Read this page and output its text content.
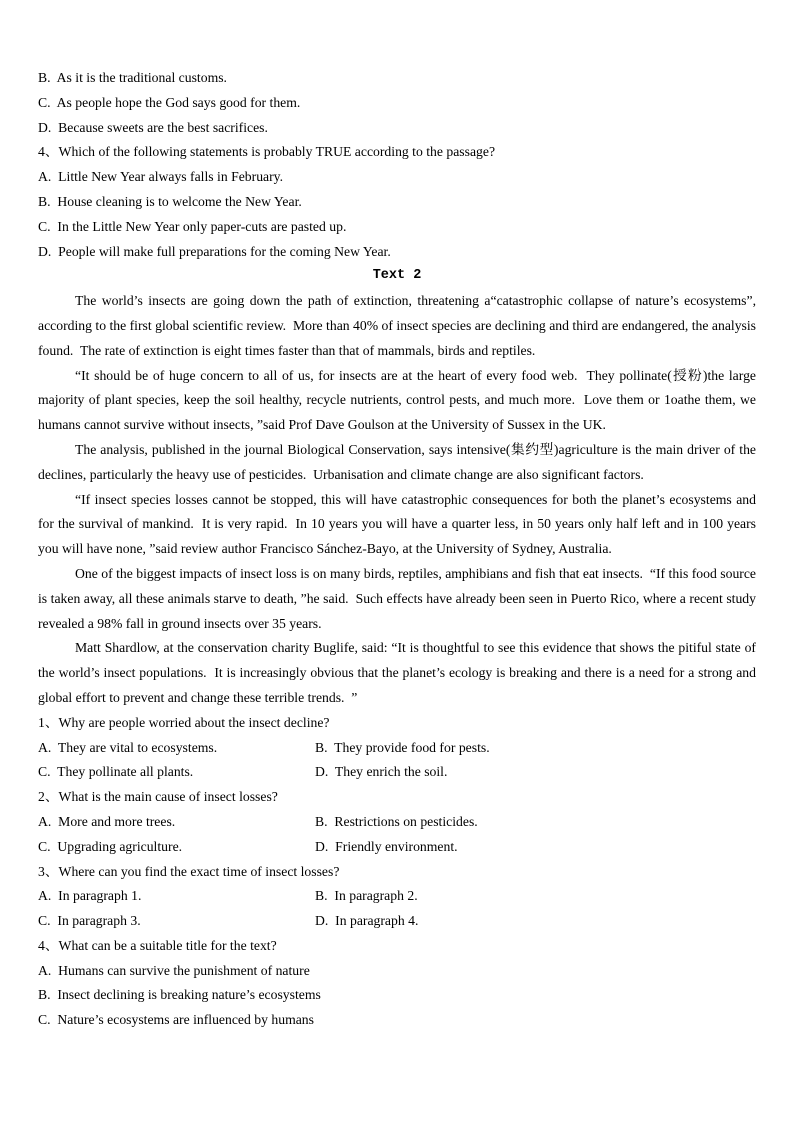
B.  As it is the traditional customs.

C.  As people hope the God says good for them.

D.  Because sweets are the best sacrifices.

4、Which of the following statements is probably TRUE according to the passage?

A.  Little New Year always falls in February.

B.  House cleaning is to welcome the New Year.

C.  In the Little New Year only paper-cuts are pasted up.

D.  People will make full preparations for the coming New Year.

Text 2

The world’s insects are going down the path of extinction, threatening a“catastrophic collapse of nature’s ecosystems”, according to the first global scientific review.  More than 40% of insect species are declining and third are endangered, the analysis found.  The rate of extinction is eight times faster than that of mammals, birds and reptiles.

“It should be of huge concern to all of us, for insects are at the heart of every food web.  They pollinate(授粉)the large majority of plant species, keep the soil healthy, recycle nutrients, control pests, and much more.  Love them or 1oathe them, we humans cannot survive without insects, ”said Prof Dave Goulson at the University of Sussex in the UK.

The analysis, published in the journal Biological Conservation, says intensive(集约型)agriculture is the main driver of the declines, particularly the heavy use of pesticides.  Urbanisation and climate change are also significant factors.

“If insect species losses cannot be stopped, this will have catastrophic consequences for both the planet’s ecosystems and for the survival of mankind.  It is very rapid.  In 10 years you will have a quarter less, in 50 years only half left and in 100 years you will have none, ”said review author Francisco Sánchez-Bayo, at the University of Sydney, Australia.

One of the biggest impacts of insect loss is on many birds, reptiles, amphibians and fish that eat insects.  “If this food source is taken away, all these animals starve to death, ”he said.  Such effects have already been seen in Puerto Rico, where a recent study revealed a 98% fall in ground insects over 35 years.

Matt Shardlow, at the conservation charity Buglife, said: “It is thoughtful to see this evidence that shows the pitiful state of the world’s insect populations.  It is increasingly obvious that the planet’s ecology is breaking and there is a need for a strong and global effort to prevent and change these terrible trends.  ”

1、Why are people worried about the insect decline?

A.  They are vital to ecosystems.	B.  They provide food for pests.
C.  They pollinate all plants.	D.  They enrich the soil.

2、What is the main cause of insect losses?

A.  More and more trees.	B.  Restrictions on pesticides.
C.  Upgrading agriculture.	D.  Friendly environment.

3、Where can you find the exact time of insect losses?

A.  In paragraph 1.	B.  In paragraph 2.
C.  In paragraph 3.	D.  In paragraph 4.

4、What can be a suitable title for the text?

A.  Humans can survive the punishment of nature

B.  Insect declining is breaking nature’s ecosystems

C.  Nature’s ecosystems are influenced by humans
